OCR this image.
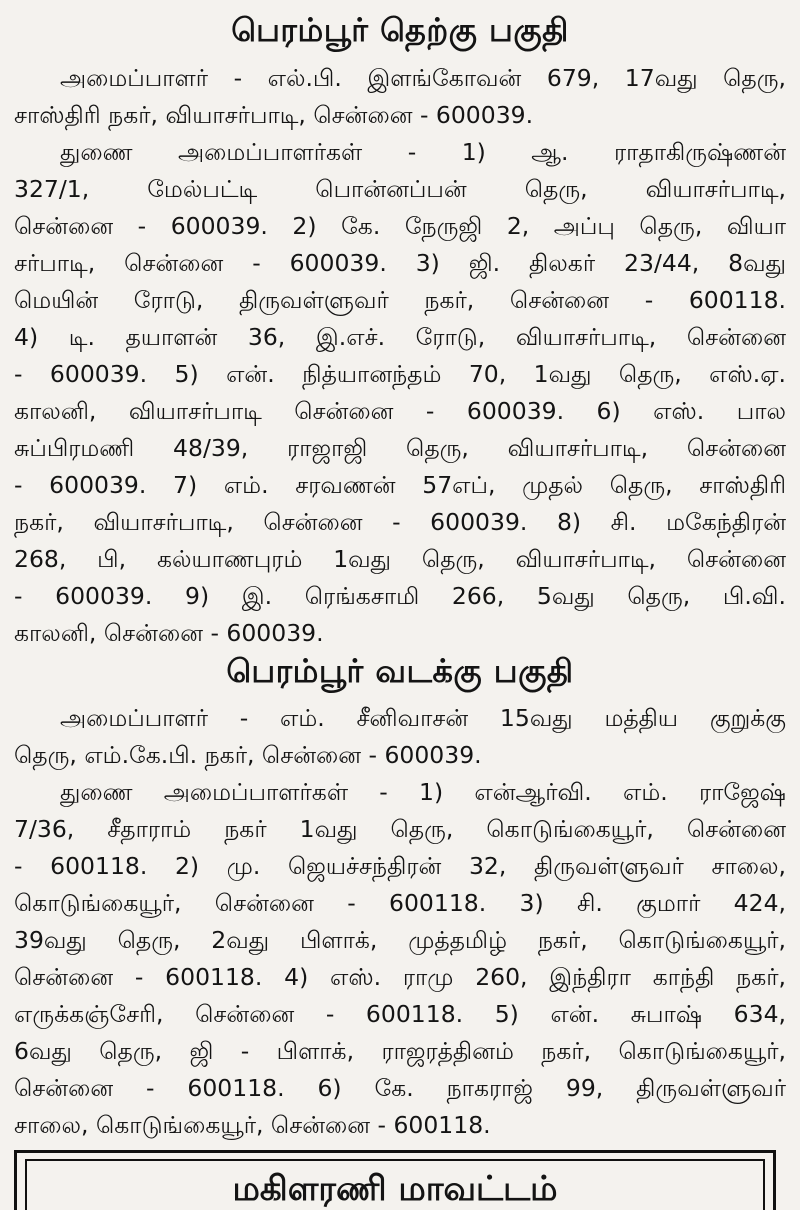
பெரம்பூர் தெற்கு பகுதி
அமைப்பாளர் - எல்.பி. இளங்கோவன் 679, 17வது தெரு,
சாஸ்திரி நகர், வியாசர்பாடி, சென்னை - 600039.
துணை அமைப்பாளர்கள் - 1) ஆ. ராதாகிருஷ்ணன்
327/1, மேல்பட்டி பொன்னப்பன் தெரு, வியாசர்பாடி,
சென்னை - 600039. 2) கே. நேருஜி 2, அப்பு தெரு, வியா
சர்பாடி, சென்னை - 600039. 3) ஜி. திலகர் 23/44, 8வது
மெயின் ரோடு, திருவள்ளுவர் நகர், சென்னை - 600118.
4) டி. தயாளன் 36, இ.எச். ரோடு, வியாசர்பாடி, சென்னை
- 600039. 5) என். நித்யானந்தம் 70, 1வது தெரு, எஸ்.ஏ.
காலனி, வியாசர்பாடி சென்னை - 600039. 6) எஸ். பால
சுப்பிரமணி 48/39, ராஜாஜி தெரு, வியாசர்பாடி, சென்னை
- 600039. 7) எம். சரவணன் 57எப், முதல் தெரு, சாஸ்திரி
நகர், வியாசர்பாடி, சென்னை - 600039. 8) சி. மகேந்திரன்
268, பி, கல்யாணபுரம் 1வது தெரு, வியாசர்பாடி, சென்னை
- 600039. 9) இ. ரெங்கசாமி 266, 5வது தெரு, பி.வி.
காலனி, சென்னை - 600039.
பெரம்பூர் வடக்கு பகுதி
அமைப்பாளர் - எம். சீனிவாசன் 15வது மத்திய குறுக்கு
தெரு, எம்.கே.பி. நகர், சென்னை - 600039.
துணை அமைப்பாளர்கள் - 1) என்ஆர்வி. எம். ராஜேஷ்
7/36, சீதாராம் நகர் 1வது தெரு, கொடுங்கையூர், சென்னை
- 600118. 2) மு. ஜெயச்சந்திரன் 32, திருவள்ளுவர் சாலை,
கொடுங்கையூர், சென்னை - 600118. 3) சி. குமார் 424,
39வது தெரு, 2வது பிளாக், முத்தமிழ் நகர், கொடுங்கையூர்,
சென்னை - 600118. 4) எஸ். ராமு 260, இந்திரா காந்தி நகர்,
எருக்கஞ்சேரி, சென்னை - 600118. 5) என். சுபாஷ் 634,
6வது தெரு, ஜி - பிளாக், ராஜரத்தினம் நகர், கொடுங்கையூர்,
சென்னை - 600118. 6) கே. நாகராஜ் 99, திருவள்ளுவர்
சாலை, கொடுங்கையூர், சென்னை - 600118.
மகிளரணி மாவட்டம்
